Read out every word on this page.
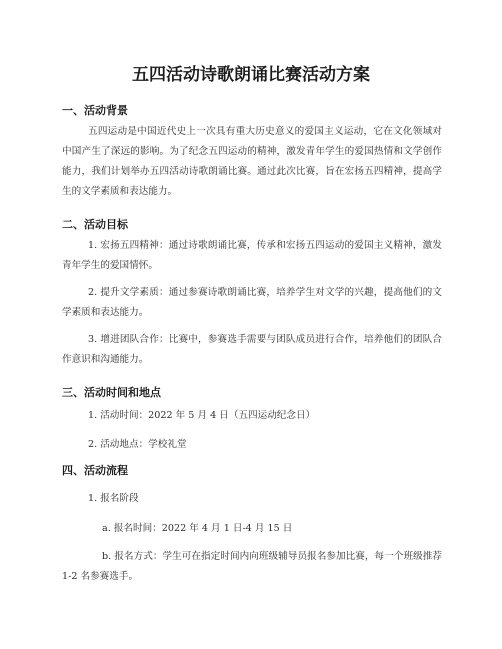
五四活动诗歌朗诵比赛活动方案
一、活动背景

五四运动是中国近代史上一次具有重大历史意义的爱国主义运动，它在文化领域对中国产生了深远的影响。为了纪念五四运动的精神，激发青年学生的爱国热情和文学创作能力，我们计划举办五四活动诗歌朗诵比赛。通过此次比赛，旨在宏扬五四精神，提高学生的文学素质和表达能力。

二、活动目标

1. 宏扬五四精神：通过诗歌朗诵比赛，传承和宏扬五四运动的爱国主义精神，激发青年学生的爱国情怀。

2. 提升文学素质：通过参赛诗歌朗诵比赛，培养学生对文学的兴趣，提高他们的文学素质和表达能力。

3. 增进团队合作：比赛中，参赛选手需要与团队成员进行合作，培养他们的团队合作意识和沟通能力。

三、活动时间和地点

1. 活动时间：2022 年 5 月 4 日（五四运动纪念日）

2. 活动地点：学校礼堂

四、活动流程

1. 报名阶段

a. 报名时间：2022 年 4 月 1 日-4 月 15 日

b. 报名方式：学生可在指定时间内向班级辅导员报名参加比赛，每一个班级推荐 1-2 名参赛选手。
